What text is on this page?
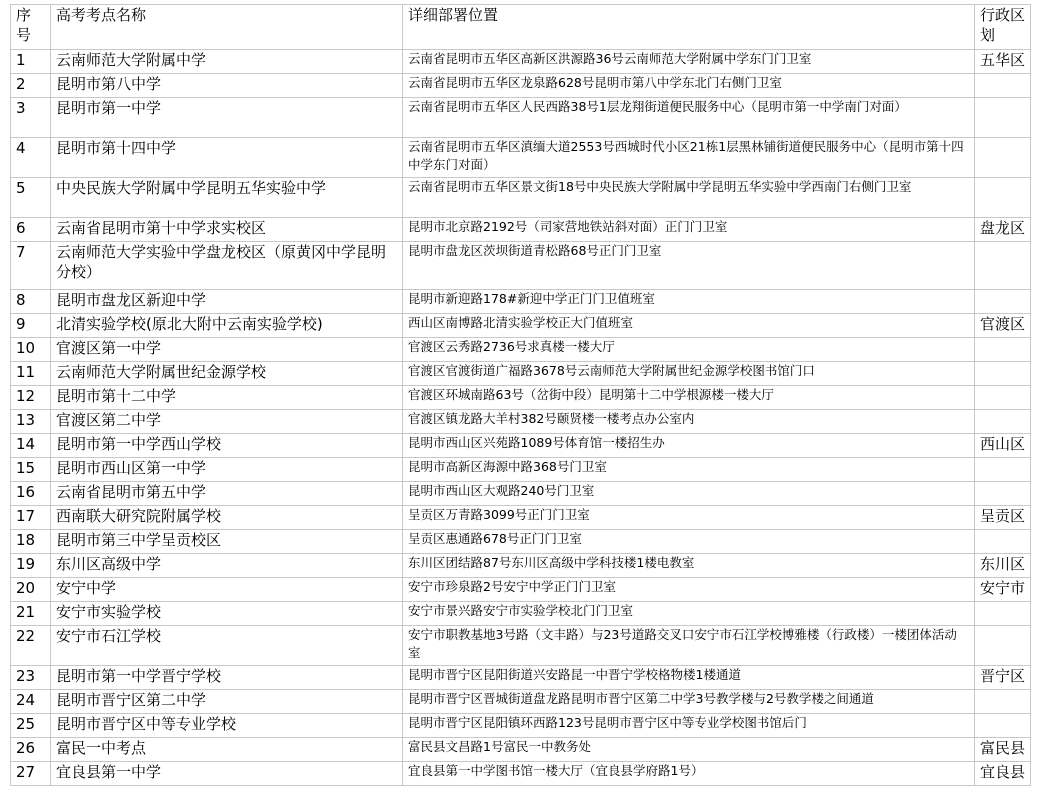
序号	高考考点名称	详细部署位置	行政区划
1	云南师范大学附属中学	云南省昆明市五华区高新区洪源路36号云南师范大学附属中学东门门卫室	五华区
2	昆明市第八中学	云南省昆明市五华区龙泉路628号昆明市第八中学东北门右侧门卫室	
3	昆明市第一中学	云南省昆明市五华区人民西路38号1层龙翔街道便民服务中心（昆明市第一中学南门对面）	
4	昆明市第十四中学	云南省昆明市五华区滇缅大道2553号西城时代小区21栋1层黑林铺街道便民服务中心（昆明市第十四中学东门对面）	
5	中央民族大学附属中学昆明五华实验中学	云南省昆明市五华区景文街18号中央民族大学附属中学昆明五华实验中学西南门右侧门卫室	
6	云南省昆明市第十中学求实校区	昆明市北京路2192号（司家营地铁站斜对面）正门门卫室	盘龙区
7	云南师范大学实验中学盘龙校区（原黄冈中学昆明分校）	昆明市盘龙区茨坝街道青松路68号正门门卫室	
8	昆明市盘龙区新迎中学	昆明市新迎路178#新迎中学正门门卫值班室	
9	北清实验学校(原北大附中云南实验学校)	西山区南博路北清实验学校正大门值班室	官渡区
10	官渡区第一中学	官渡区云秀路2736号求真楼一楼大厅	
11	云南师范大学附属世纪金源学校	官渡区官渡街道广福路3678号云南师范大学附属世纪金源学校图书馆门口	
12	昆明市第十二中学	官渡区环城南路63号（岔街中段）昆明第十二中学根源楼一楼大厅	
13	官渡区第二中学	官渡区镇龙路大羊村382号颐贤楼一楼考点办公室内	
14	昆明市第一中学西山学校	昆明市西山区兴苑路1089号体育馆一楼招生办	西山区
15	昆明市西山区第一中学	昆明市高新区海源中路368号门卫室	
16	云南省昆明市第五中学	昆明市西山区大观路240号门卫室	
17	西南联大研究院附属学校	呈贡区万青路3099号正门门卫室	呈贡区
18	昆明市第三中学呈贡校区	呈贡区惠通路678号正门门卫室	
19	东川区高级中学	东川区团结路87号东川区高级中学科技楼1楼电教室	东川区
20	安宁中学	安宁市珍泉路2号安宁中学正门门卫室	安宁市
21	安宁市实验学校	安宁市景兴路安宁市实验学校北门门卫室	
22	安宁市石江学校	安宁市职教基地3号路（文丰路）与23号道路交叉口安宁市石江学校博雅楼（行政楼）一楼团体活动室	
23	昆明市第一中学晋宁学校	昆明市晋宁区昆阳街道兴安路昆一中晋宁学校格物楼1楼通道	晋宁区
24	昆明市晋宁区第二中学	昆明市晋宁区晋城街道盘龙路昆明市晋宁区第二中学3号教学楼与2号教学楼之间通道	
25	昆明市晋宁区中等专业学校	昆明市晋宁区昆阳镇环西路123号昆明市晋宁区中等专业学校图书馆后门	
26	富民一中考点	富民县文昌路1号富民一中教务处	富民县
27	宜良县第一中学	宜良县第一中学图书馆一楼大厅（宜良县学府路1号）	宜良县
